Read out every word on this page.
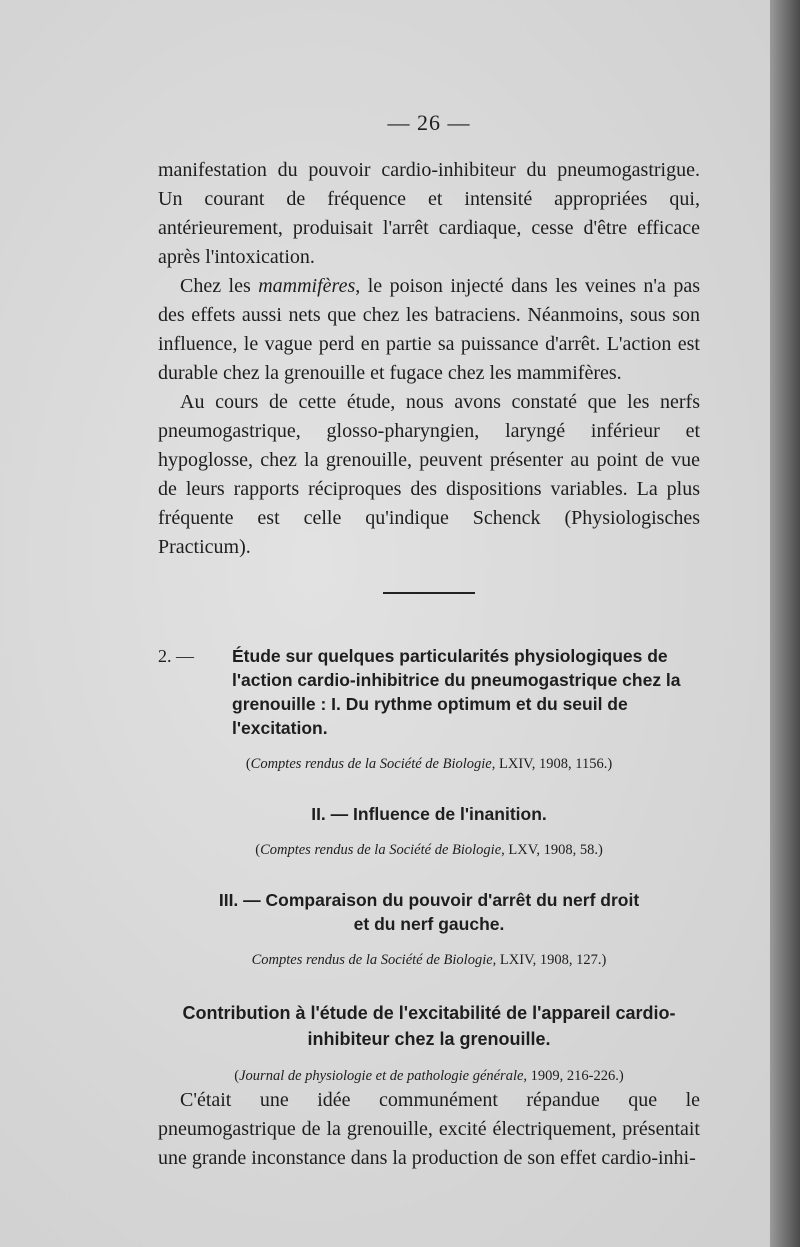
— 26 —

manifestation du pouvoir cardio-inhibiteur du pneumogastrigue. Un courant de fréquence et intensité appropriées qui, antérieurement, produisait l'arrêt cardiaque, cesse d'être efficace après l'intoxication.

Chez les mammifères, le poison injecté dans les veines n'a pas des effets aussi nets que chez les batraciens. Néanmoins, sous son influence, le vague perd en partie sa puissance d'arrêt. L'action est durable chez la grenouille et fugace chez les mammifères.

Au cours de cette étude, nous avons constaté que les nerfs pneumogastrique, glosso-pharyngien, laryngé inférieur et hypoglosse, chez la grenouille, peuvent présenter au point de vue de leurs rapports réciproques des dispositions variables. La plus fréquente est celle qu'indique Schenck (Physiologisches Practicum).

2. —	Étude sur quelques particularités physiologiques de l'action cardio-inhibitrice du pneumogastrique chez la grenouille : I. Du rythme optimum et du seuil de l'excitation.
(Comptes rendus de la Société de Biologie, LXIV, 1908, 1156.)
II. — Influence de l'inanition.
(Comptes rendus de la Société de Biologie, LXV, 1908, 58.)
III. — Comparaison du pouvoir d'arrêt du nerf droit
et du nerf gauche.
Comptes rendus de la Société de Biologie, LXIV, 1908, 127.)
Contribution à l'étude de l'excitabilité de l'appareil cardio-inhibiteur chez la grenouille.
(Journal de physiologie et de pathologie générale, 1909, 216-226.)

C'était une idée communément répandue que le pneumogastrique de la grenouille, excité électriquement, présentait une grande inconstance dans la production de son effet cardio-inhi-
